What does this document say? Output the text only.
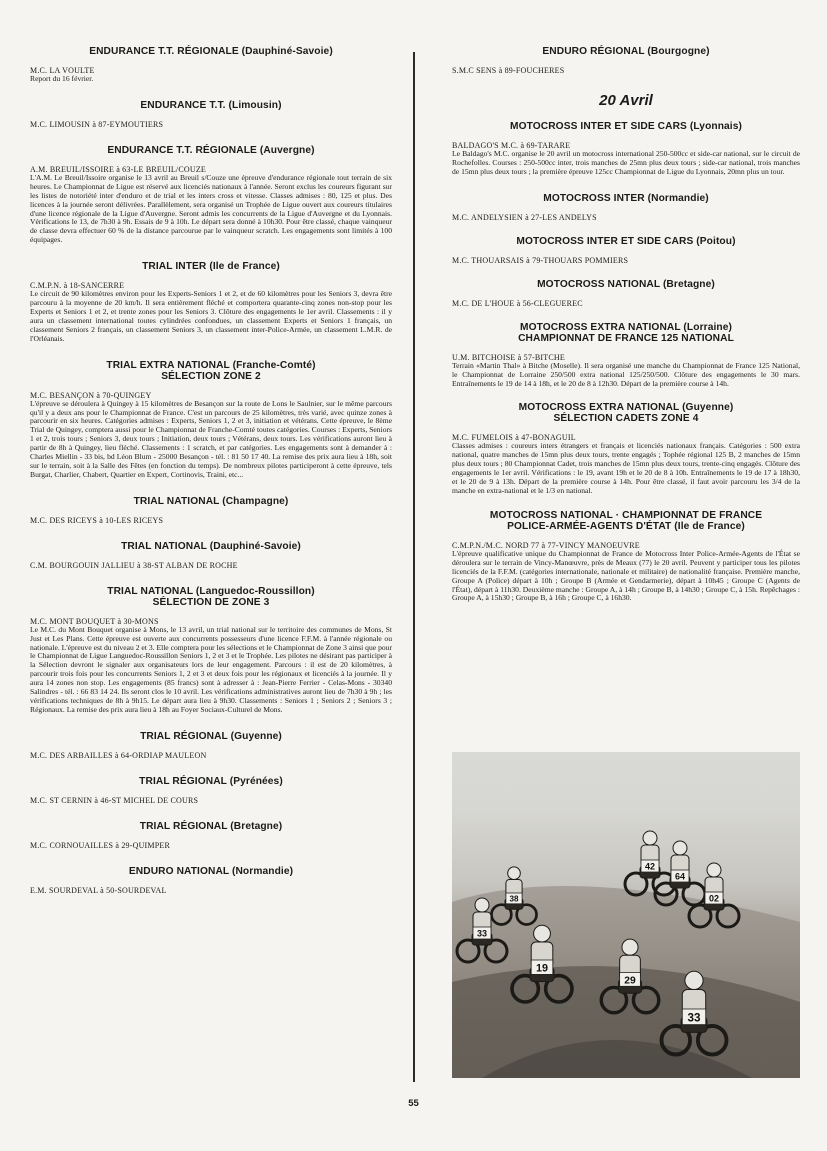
ENDURANCE T.T. RÉGIONALE (Dauphiné-Savoie)

M.C. LA VOULTE

Report du 16 février.

ENDURANCE T.T. (Limousin)

M.C. LIMOUSIN à 87-EYMOUTIERS

ENDURANCE T.T. RÉGIONALE (Auvergne)

A.M. BREUIL/ISSOIRE à 63-LE BREUIL/COUZE

L'A.M. Le Breuil/Issoire organise le 13 avril au Breuil s/Couze une épreuve d'endurance régionale tout terrain de six heures. Le Championnat de Ligue est réservé aux licenciés nationaux à l'année. Seront exclus les coureurs figurant sur les listes de notoriété inter d'enduro et de trial et les inters cross et vitesse. Classes admises : 80, 125 et plus. Des licences à la journée seront délivrées. Parallèlement, sera organisé un Trophée de Ligue ouvert aux coureurs titulaires d'une licence régionale de la Ligue d'Auvergne. Seront admis les concurrents de la Ligue d'Auvergne et du Lyonnais. Vérifications le 13, de 7h30 à 9h. Essais de 9 à 10h. Le départ sera donné à 10h30. Pour être classé, chaque vainqueur de classe devra effectuer 60 % de la distance parcourue par le vainqueur scratch. Les engagements sont limités à 100 équipages.

TRIAL INTER (Ile de France)

C.M.P.N. à 18-SANCERRE

Le circuit de 90 kilomètres environ pour les Experts-Seniors 1 et 2, et de 60 kilomètres pour les Seniors 3, devra être parcouru à la moyenne de 20 km/h. Il sera entièrement fléché et comportera quarante-cinq zones non-stop pour les Experts et Seniors 1 et 2, et trente zones pour les Seniors 3. Clôture des engagements le 1er avril. Classements : il y aura un classement international toutes cylindrées confondues, un classement Experts et Seniors 1 français, un classement Seniors 2 français, un classement Seniors 3, un classement inter-Police-Armée, un classement L.M.R. de l'Orléanais.

TRIAL EXTRA NATIONAL (Franche-Comté)
SÉLECTION ZONE 2

M.C. BESANÇON à 70-QUINGEY

L'épreuve se déroulera à Quingey à 15 kilomètres de Besançon sur la route de Lons le Saulnier, sur le même parcours qu'il y a deux ans pour le Championnat de France. C'est un parcours de 25 kilomètres, très varié, avec quinze zones à parcourir en six heures. Catégories admises : Experts, Seniors 1, 2 et 3, initiation et vétérans. Cette épreuve, le 8ème Trial de Quingey, comptera aussi pour le Championnat de Franche-Comté toutes catégories. Courses : Experts, Seniors 1 et 2, trois tours ; Seniors 3, deux tours ; Initiation, deux tours ; Vétérans, deux tours. Les vérifications auront lieu à partir de 8h à Quingey, lieu fléché. Classements : 1 scratch, et par catégories. Les engagements sont à demander à : Charles Miellin - 33 bis, bd Léon Blum - 25000 Besançon - tél. : 81 50 17 40. La remise des prix aura lieu à 18h, soit sur le terrain, soit à la Salle des Fêtes (en fonction du temps). De nombreux pilotes participeront à cette épreuve, tels Burgat, Charlier, Chabert, Quartier en Expert, Cortinovis, Traini, etc...

TRIAL NATIONAL (Champagne)

M.C. DES RICEYS à 10-LES RICEYS

TRIAL NATIONAL (Dauphiné-Savoie)

C.M. BOURGOUIN JALLIEU à 38-ST ALBAN DE ROCHE

TRIAL NATIONAL (Languedoc-Roussillon)
SÉLECTION DE ZONE 3

M.C. MONT BOUQUET à 30-MONS

Le M.C. du Mont Bouquet organise à Mons, le 13 avril, un trial national sur le territoire des communes de Mons, St Just et Les Plans. Cette épreuve est ouverte aux concurrents possesseurs d'une licence F.F.M. à l'année régionale ou nationale. L'épreuve est du niveau 2 et 3. Elle comptera pour les sélections et le Championnat de Zone 3 ainsi que pour le Championnat de Ligue Languedoc-Roussillon Seniors 1, 2 et 3 et le Trophée. Les pilotes ne désirant pas participer à la Sélection devront le signaler aux organisateurs lors de leur engagement. Parcours : il est de 20 kilomètres, à parcourir trois fois pour les concurrents Seniors 1, 2 et 3 et deux fois pour les régionaux et licenciés à la journée. Il y aura 14 zones non stop. Les engagements (85 francs) sont à adresser à : Jean-Pierre Ferrier - Celas-Mons - 30340 Salindres - tél. : 66 83 14 24. Ils seront clos le 10 avril. Les vérifications administratives auront lieu de 7h30 à 9h ; les vérifications techniques de 8h à 9h15. Le départ aura lieu à 9h30. Classements : Seniors 1 ; Seniors 2 ; Seniors 3 ; Régionaux. La remise des prix aura lieu à 18h au Foyer Sociaux-Culturel de Mons.

TRIAL RÉGIONAL (Guyenne)

M.C. DES ARBAILLES à 64-ORDIAP MAULEON

TRIAL RÉGIONAL (Pyrénées)

M.C. ST CERNIN à 46-ST MICHEL DE COURS

TRIAL RÉGIONAL (Bretagne)

M.C. CORNOUAILLES à 29-QUIMPER

ENDURO NATIONAL (Normandie)

E.M. SOURDEVAL à 50-SOURDEVAL

ENDURO RÉGIONAL (Bourgogne)

S.M.C SENS à 89-FOUCHERES

20 Avril
MOTOCROSS INTER ET SIDE CARS (Lyonnais)

BALDAGO'S M.C. à 69-TARARE

Le Baldago's M.C. organise le 20 avril un motocross international 250-500cc et side-car national, sur le circuit de Rochefolles. Courses : 250-500cc inter, trois manches de 25mn plus deux tours ; side-car national, trois manches de 15mn plus deux tours ; la première épreuve 125cc Championnat de Ligue du Lyonnais, 20mn plus un tour.

MOTOCROSS INTER (Normandie)

M.C. ANDELYSIEN à 27-LES ANDELYS

MOTOCROSS INTER ET SIDE CARS (Poitou)

M.C. THOUARSAIS à 79-THOUARS POMMIERS

MOTOCROSS NATIONAL (Bretagne)

M.C. DE L'HOUE à 56-CLEGUEREC

MOTOCROSS EXTRA NATIONAL (Lorraine)
CHAMPIONNAT DE FRANCE 125 NATIONAL

U.M. BITCHOISE à 57-BITCHE

Terrain «Martin Thal» à Bitche (Moselle). Il sera organisé une manche du Championnat de France 125 National, le Championnat de Lorraine 250/500 extra national 125/250/500. Clôture des engagements le 30 mars. Entraînements le 19 de 14 à 18h, et le 20 de 8 à 12h30. Départ de la première course à 14h.

MOTOCROSS EXTRA NATIONAL (Guyenne)
SÉLECTION CADETS ZONE 4

M.C. FUMELOIS à 47-BONAGUIL

Classes admises : coureurs inters étrangers et français et licenciés nationaux français. Catégories : 500 extra national, quatre manches de 15mn plus deux tours, trente engagés ; Tophée régional 125 B, 2 manches de 15mn plus deux tours ; 80 Championnat Cadet, trois manches de 15mn plus deux tours, trente-cinq engagés. Clôture des engagements le 1er avril. Vérifications : le 19, avant 19h et le 20 de 8 à 10h. Entraînements le 19 de 17 à 18h30, et le 20 de 9 à 13h. Départ de la première course à 14h. Pour être classé, il faut avoir parcouru les 3/4 de la manche en extra-national et le 1/3 en national.

MOTOCROSS NATIONAL · CHAMPIONNAT DE FRANCE
POLICE-ARMÉE-AGENTS D'ÉTAT (Ile de France)

C.M.P.N./M.C. NORD 77 à 77-VINCY MANOEUVRE

L'épreuve qualificative unique du Championnat de France de Motocross Inter Police-Armée-Agents de l'État se déroulera sur le terrain de Vincy-Manœuvre, près de Meaux (77) le 20 avril. Peuvent y participer tous les pilotes licenciés de la F.F.M. (catégories internationale, nationale et militaire) de nationalité française. Première manche, Groupe A (Police) départ à 10h ; Groupe B (Armée et Gendarmerie), départ à 10h45 ; Groupe C (Agents de l'État), départ à 11h30. Deuxième manche : Groupe A, à 14h ; Groupe B, à 14h30 ; Groupe C, à 15h. Repêchages : Groupe A, à 15h30 ; Groupe B, à 16h ; Groupe C, à 16h30.

42
64
38	02
33
19
29
33
55
